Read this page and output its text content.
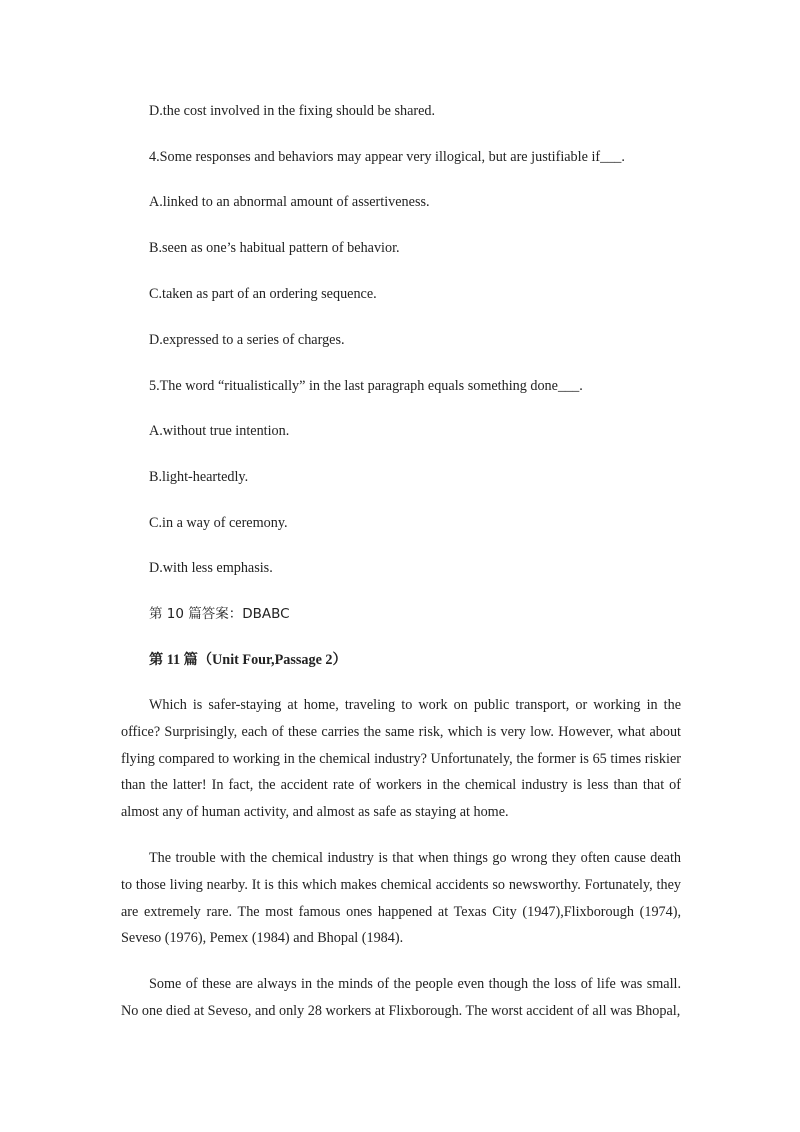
D.the cost involved in the fixing should be shared.
4.Some responses and behaviors may appear very illogical, but are justifiable if___.
A.linked to an abnormal amount of assertiveness.
B.seen as one’s habitual pattern of behavior.
C.taken as part of an ordering sequence.
D.expressed to a series of charges.
5.The word “ritualistically” in the last paragraph equals something done___.
A.without true intention.
B.light-heartedly.
C.in a way of ceremony.
D.with less emphasis.
第 10 篇答案：DBABC
第 11 篇（Unit Four,Passage 2）

Which is safer-staying at home, traveling to work on public transport, or working in the office? Surprisingly, each of these carries the same risk, which is very low. However, what about flying compared to working in the chemical industry? Unfortunately, the former is 65 times riskier than the latter! In fact, the accident rate of workers in the chemical industry is less than that of almost any of human activity, and almost as safe as staying at home.

The trouble with the chemical industry is that when things go wrong they often cause death to those living nearby. It is this which makes chemical accidents so newsworthy. Fortunately, they are extremely rare. The most famous ones happened at Texas City (1947),Flixborough (1974), Seveso (1976), Pemex (1984) and Bhopal (1984).

Some of these are always in the minds of the people even though the loss of life was small. No one died at Seveso, and only 28 workers at Flixborough. The worst accident of all was Bhopal,
